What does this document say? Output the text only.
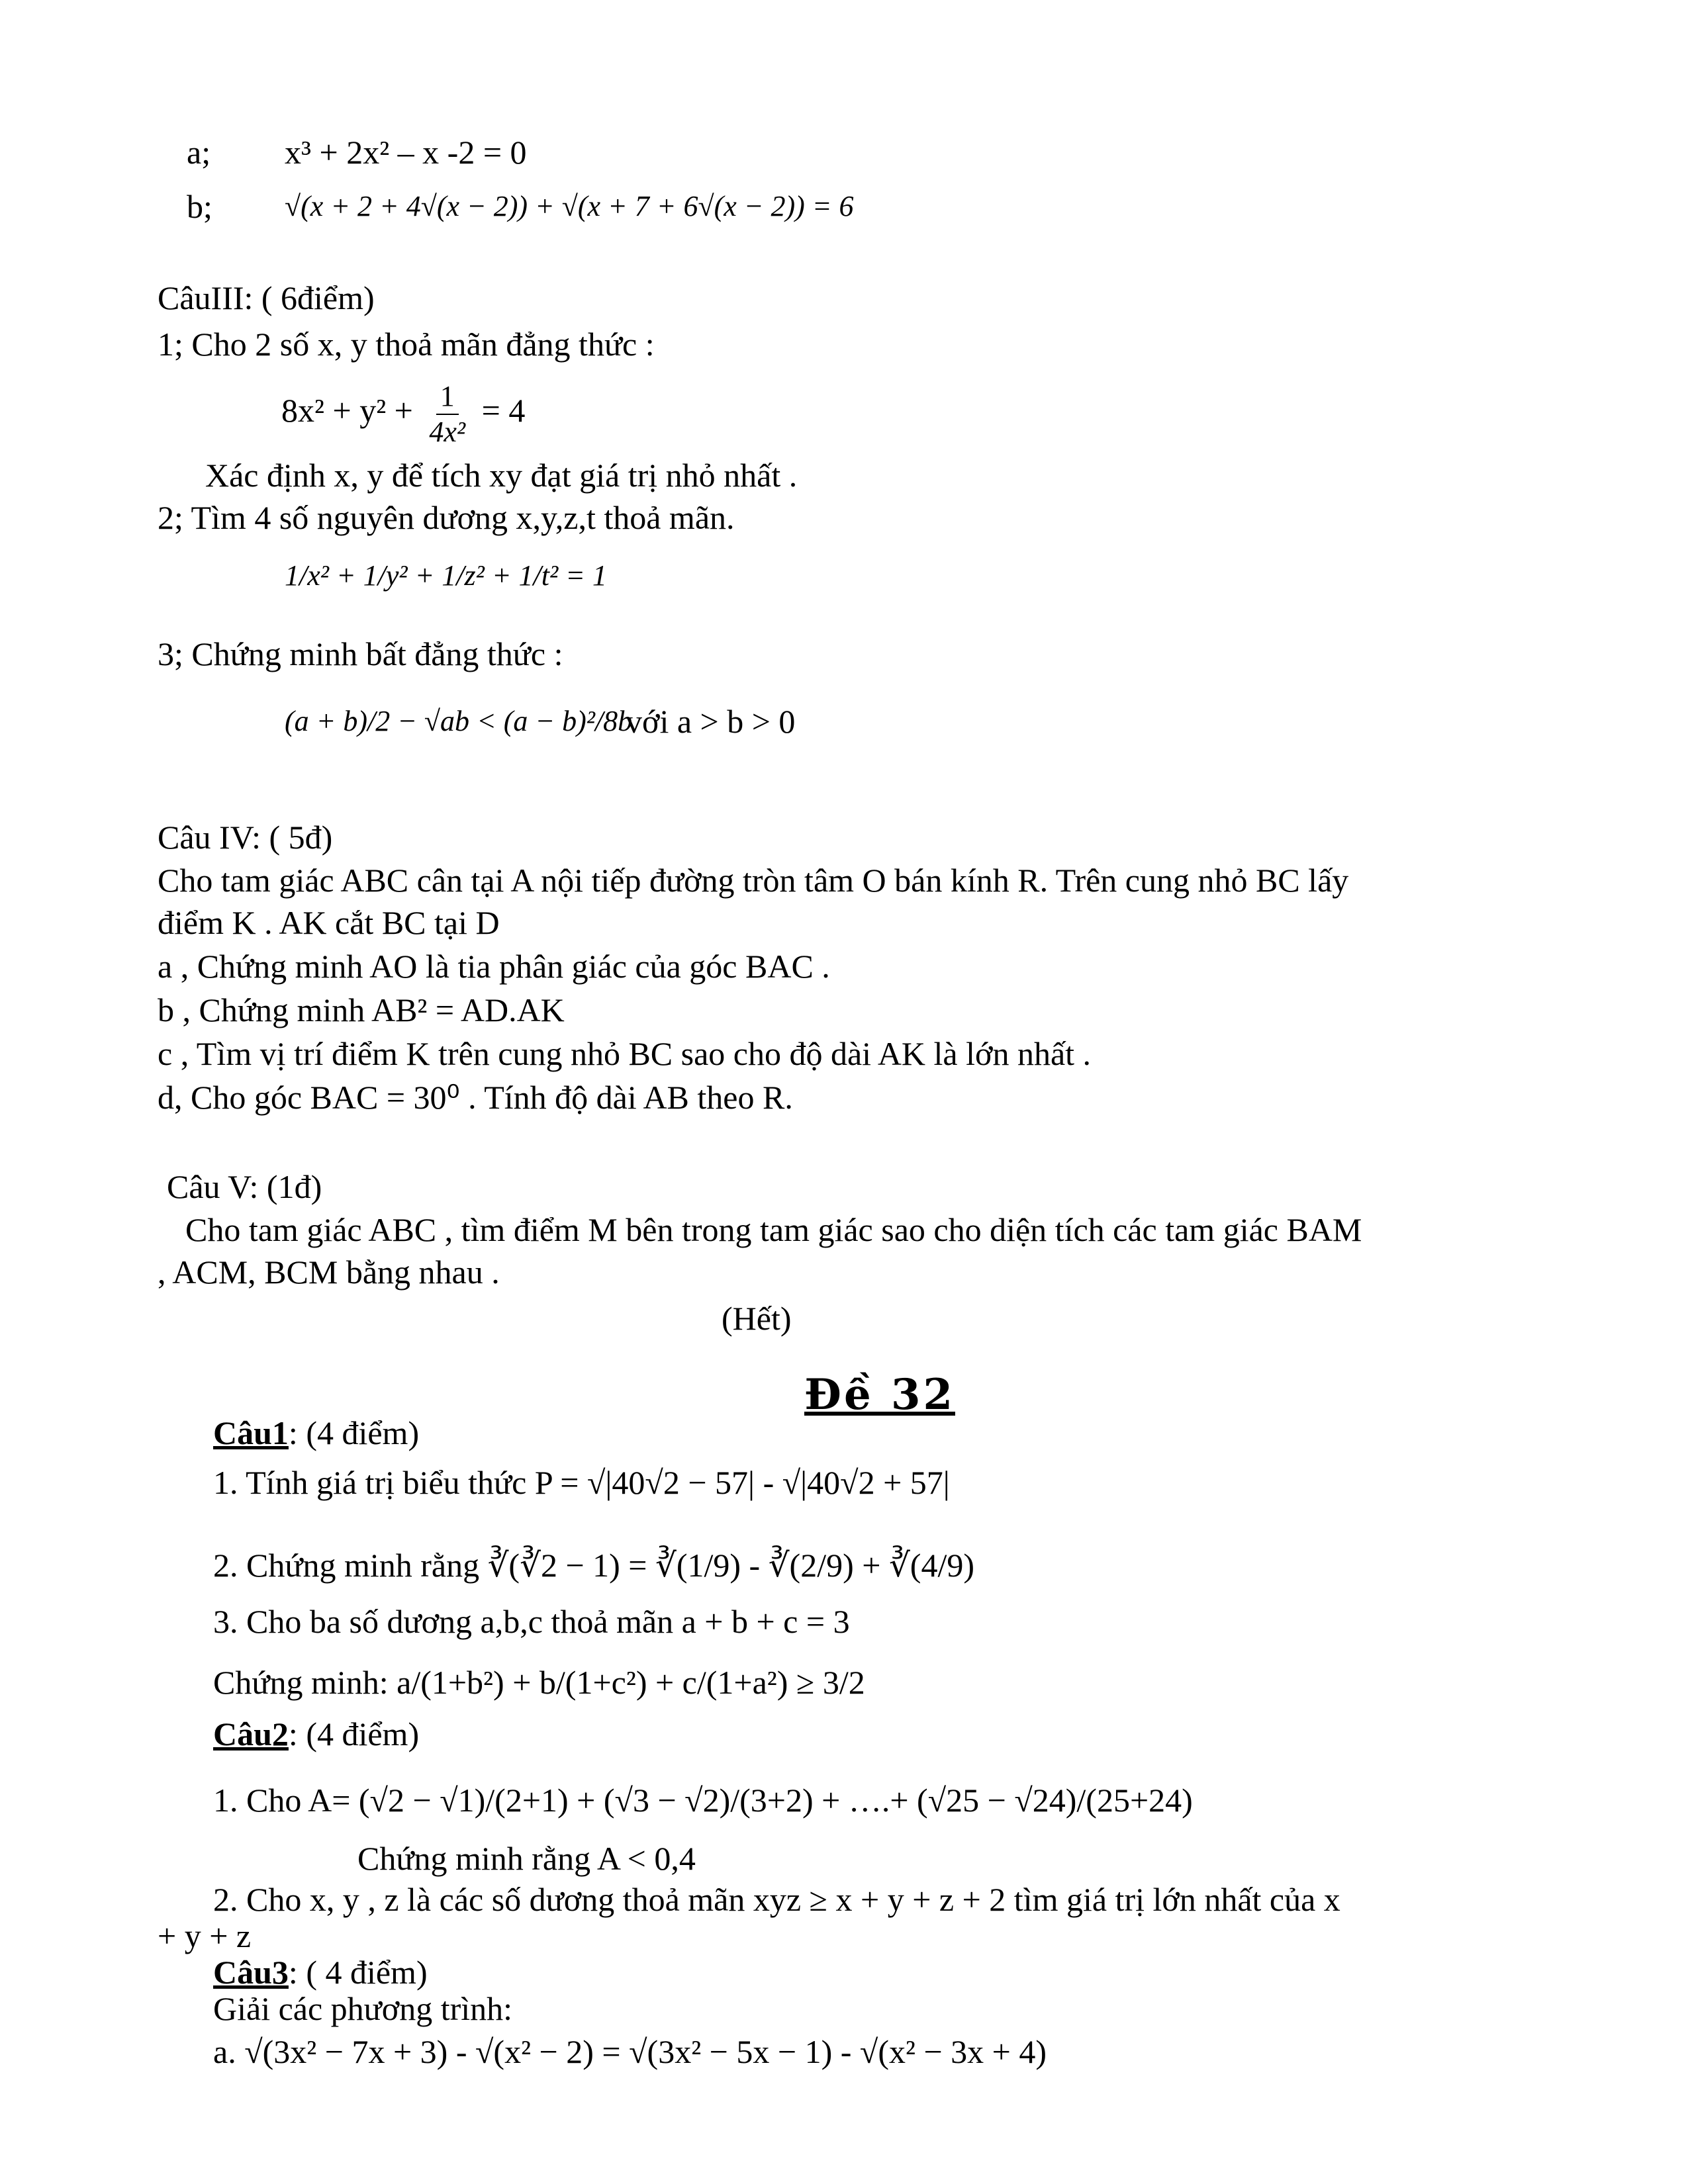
a; x³ + 2x² – x -2 = 0
b; √(x + 2 + 4√(x − 2)) + √(x + 7 + 6√(x − 2)) = 6
CâuIII: ( 6điểm)
1; Cho 2 số x, y thoả mãn đẳng thức :
$8x^2 + y^2 + \frac{1}{\text{4x²}} = 4$
Xác định x, y để tích xy đạt giá trị nhỏ nhất .
2; Tìm 4 số nguyên dương x,y,z,t thoả mãn.
1/x² + 1/y² + 1/z² + 1/t² = 1
3; Chứng minh bất đẳng thức :
(a + b)/2 − √ab < (a − b)²/8b
với a > b > 0
Câu IV: ( 5đ)
Cho tam giác ABC cân tại A nội tiếp đường tròn tâm O bán kính R. Trên cung nhỏ BC lấy
điểm K . AK cắt BC tại D
a , Chứng minh AO là tia phân giác của góc BAC .
b , Chứng minh AB² = AD.AK
c , Tìm vị trí điểm K trên cung nhỏ BC sao cho độ dài AK là lớn nhất .
d, Cho góc BAC = 30⁰ . Tính độ dài AB theo R.
Câu V: (1đ)
Cho tam giác ABC , tìm điểm M bên trong tam giác sao cho diện tích các tam giác BAM
, ACM, BCM bằng nhau .
(Hết)
Đề 32
Câu1: (4 điểm)
1. Tính giá trị biểu thức P = √|40√2 − 57| - √|40√2 + 57|
2. Chứng minh rằng ∛(∛2 − 1) = ∛(1/9) - ∛(2/9) + ∛(4/9)
3. Cho ba số dương a,b,c thoả mãn a + b + c = 3
Chứng minh: a/(1+b²) + b/(1+c²) + c/(1+a²) ≥ 3/2
Câu2: (4 điểm)
1. Cho A= (√2 − √1)/(2+1) + (√3 − √2)/(3+2) + ….+ (√25 − √24)/(25+24)
Chứng minh rằng A < 0,4
2. Cho x, y , z là các số dương thoả mãn xyz ≥ x + y + z + 2 tìm giá trị lớn nhất của x
+ y + z
Câu3: ( 4 điểm)
Giải các phương trình:
a. √(3x² − 7x + 3) - √(x² − 2) = √(3x² − 5x − 1) - √(x² − 3x + 4)
